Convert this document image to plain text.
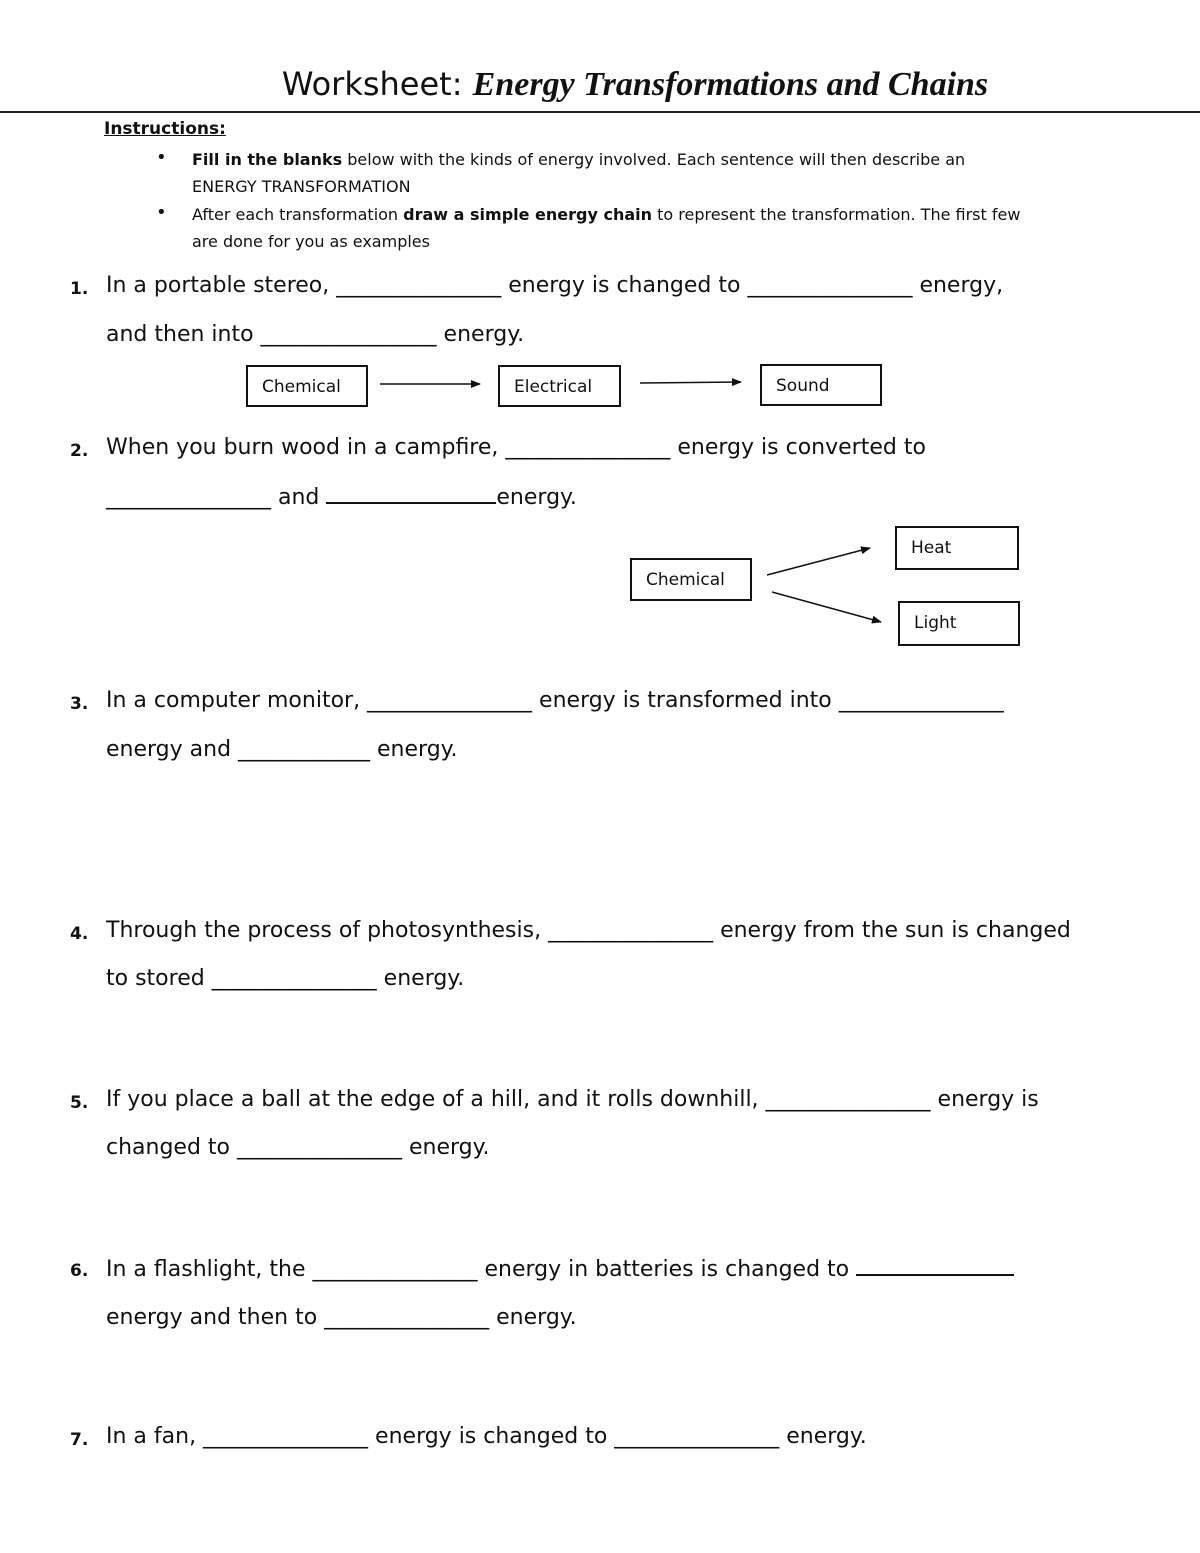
Worksheet: Energy Transformations and Chains
Instructions:
• Fill in the blanks below with the kinds of energy involved. Each sentence will then describe an
ENERGY TRANSFORMATION
• After each transformation draw a simple energy chain to represent the transformation. The first few
are done for you as examples
1. In a portable stereo, _______________ energy is changed to _______________ energy,
and then into ________________ energy.
Chemical	Electrical	Sound
2. When you burn wood in a campfire, _______________ energy is converted to
_______________ and	energy.
Chemical
Heat
Light
3. In a computer monitor, _______________ energy is transformed into _______________
energy and ____________ energy.
4. Through the process of photosynthesis, _______________ energy from the sun is changed
to stored _______________ energy.
5. If you place a ball at the edge of a hill, and it rolls downhill, _______________ energy is
changed to _______________ energy.
6. In a flashlight, the _______________ energy in batteries is changed to
energy and then to _______________ energy.
7. In a fan, _______________ energy is changed to _______________ energy.
